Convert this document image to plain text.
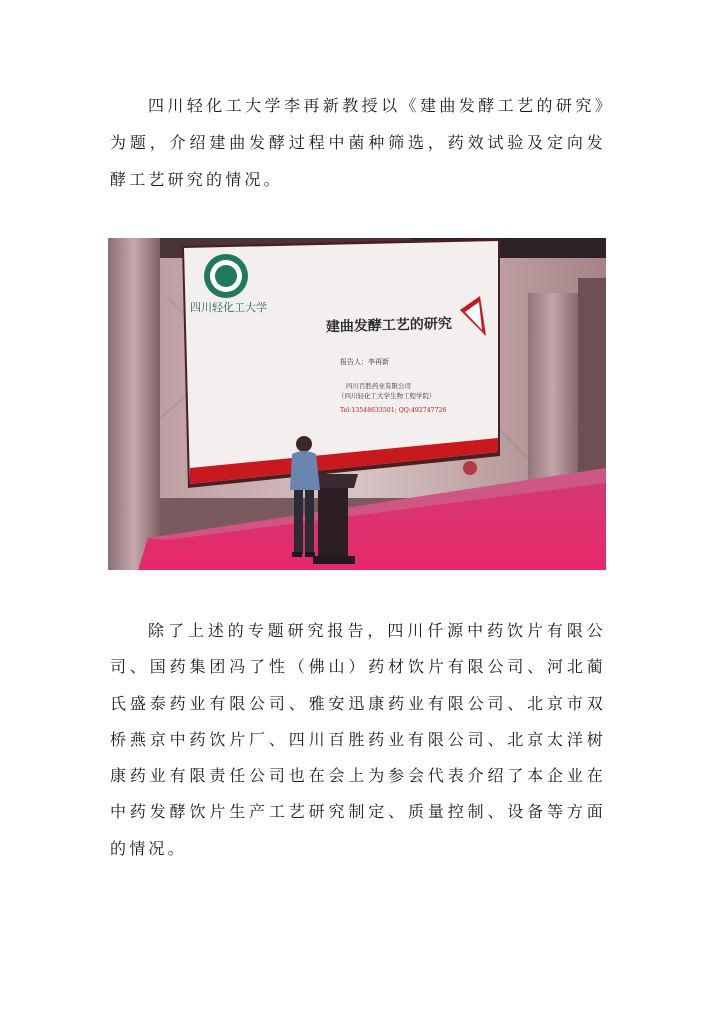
四川轻化工大学李再新教授以《建曲发酵工艺的研究》为题，介绍建曲发酵过程中菌种筛选，药效试验及定向发酵工艺研究的情况。

四川轻化工大学
建曲发酵工艺的研究
报告人：李再新
四川百胜药业有限公司
（四川轻化工大学生物工程学院）
Tel:13548633501; QQ:492747726

除了上述的专题研究报告，四川仟源中药饮片有限公司、国药集团冯了性（佛山）药材饮片有限公司、河北蔺氏盛泰药业有限公司、雅安迅康药业有限公司、北京市双桥燕京中药饮片厂、四川百胜药业有限公司、北京太洋树康药业有限责任公司也在会上为参会代表介绍了本企业在中药发酵饮片生产工艺研究制定、质量控制、设备等方面的情况。
